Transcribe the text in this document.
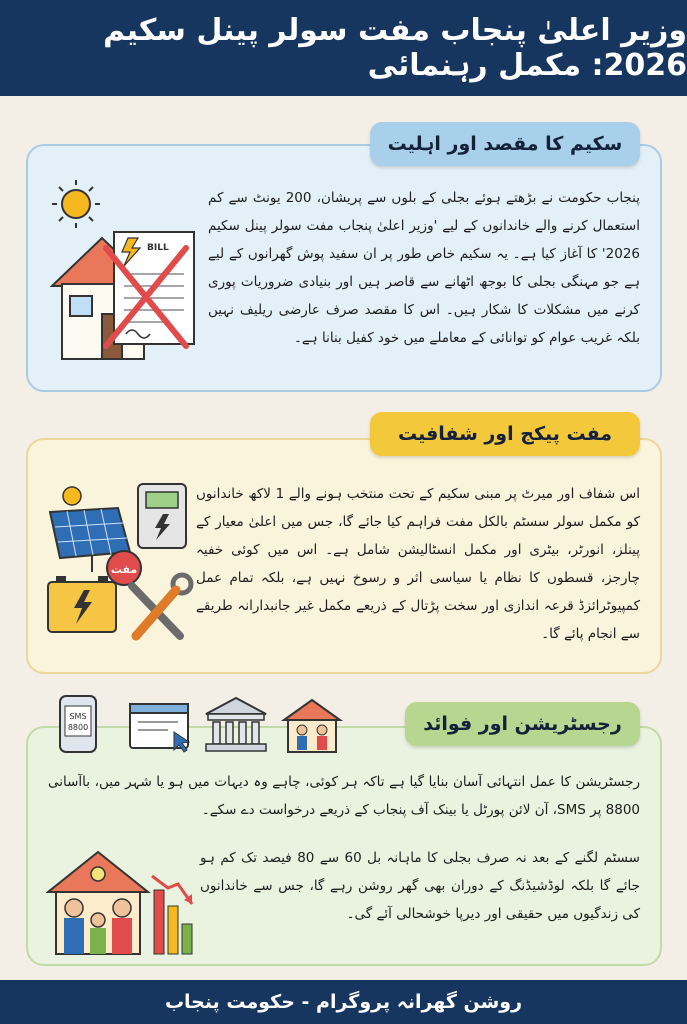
وزیر اعلیٰ پنجاب مفت سولر پینل سکیم 2026: مکمل رہنمائی
سکیم کا مقصد اور اہلیت
پنجاب حکومت نے بڑھتے ہوئے بجلی کے بلوں سے پریشان، 200 یونٹ سے کم استعمال کرنے والے خاندانوں کے لیے 'وزیر اعلیٰ پنجاب مفت سولر پینل سکیم 2026' کا آغاز کیا ہے۔ یہ سکیم خاص طور پر ان سفید پوش گھرانوں کے لیے ہے جو مہنگی بجلی کا بوجھ اٹھانے سے قاصر ہیں اور بنیادی ضروریات پوری کرنے میں مشکلات کا شکار ہیں۔ اس کا مقصد صرف عارضی ریلیف نہیں بلکہ غریب عوام کو توانائی کے معاملے میں خود کفیل بنانا ہے۔
BILL
مفت پیکج اور شفافیت
اس شفاف اور میرٹ پر مبنی سکیم کے تحت منتخب ہونے والے 1 لاکھ خاندانوں کو مکمل سولر سسٹم بالکل مفت فراہم کیا جائے گا، جس میں اعلیٰ معیار کے پینلز، انورٹر، بیٹری اور مکمل انسٹالیشن شامل ہے۔ اس میں کوئی خفیہ چارجز، قسطوں کا نظام یا سیاسی اثر و رسوخ نہیں ہے، بلکہ تمام عمل کمپیوٹرائزڈ قرعہ اندازی اور سخت پڑتال کے ذریعے مکمل غیر جانبدارانہ طریقے سے انجام پائے گا۔
مفت
SMS
8800	رجسٹریشن اور فوائد
رجسٹریشن کا عمل انتہائی آسان بنایا گیا ہے تاکہ ہر کوئی، چاہے وہ دیہات میں ہو یا شہر میں، باآسانی 8800 پر SMS، آن لائن پورٹل یا بینک آف پنجاب کے ذریعے درخواست دے سکے۔
سسٹم لگنے کے بعد نہ صرف بجلی کا ماہانہ بل 60 سے 80 فیصد تک کم ہو جائے گا بلکہ لوڈشیڈنگ کے دوران بھی گھر روشن رہے گا، جس سے خاندانوں کی زندگیوں میں حقیقی اور دیرپا خوشحالی آئے گی۔
روشن گھرانہ پروگرام - حکومت پنجاب
